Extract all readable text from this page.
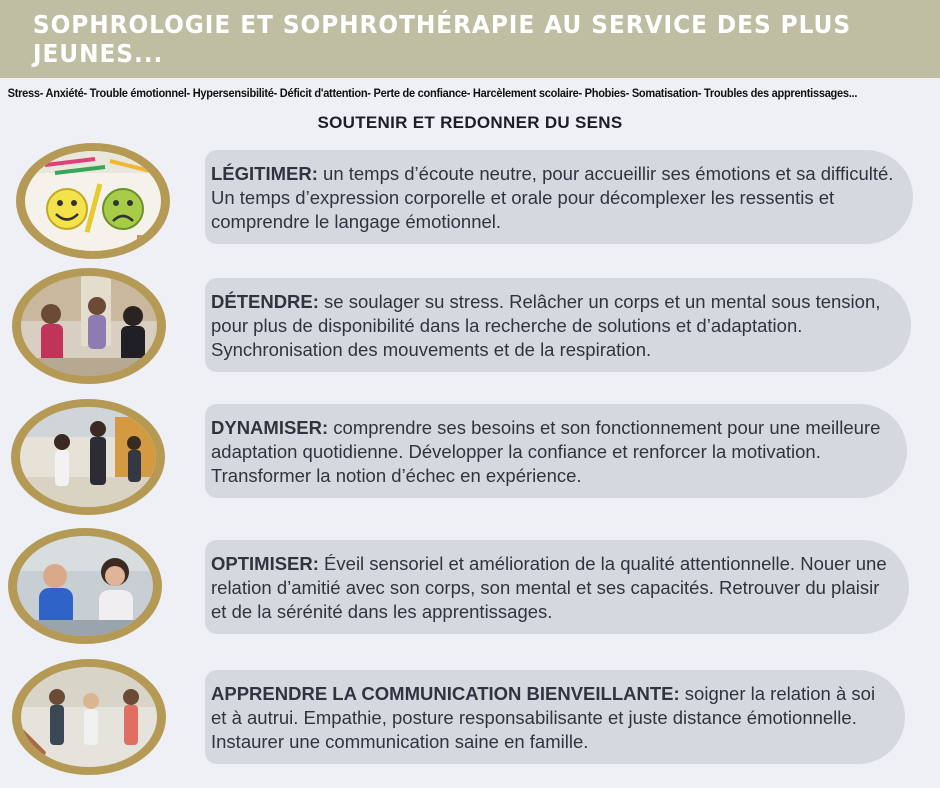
SOPHROLOGIE ET SOPHROTHÉRAPIE AU SERVICE DES PLUS JEUNES...
Stress- Anxiété- Trouble émotionnel- Hypersensibilité- Déficit d'attention- Perte de confiance- Harcèlement scolaire- Phobies- Somatisation- Troubles des apprentissages...
SOUTENIR ET REDONNER DU SENS
LÉGITIMER: un temps d’écoute neutre, pour accueillir ses émotions et sa difficulté. Un temps d’expression corporelle et orale pour décomplexer les ressentis et comprendre le langage émotionnel.
DÉTENDRE: se soulager su stress. Relâcher un corps et un mental sous tension, pour plus de disponibilité dans la recherche de solutions et d’adaptation. Synchronisation des mouvements et de la respiration.
DYNAMISER: comprendre ses besoins et son fonctionnement pour une meilleure adaptation quotidienne. Développer la confiance et renforcer la motivation. Transformer la notion d’échec en expérience.
OPTIMISER: Éveil sensoriel et amélioration de la qualité attentionnelle. Nouer une relation d’amitié avec son corps, son mental et ses capacités. Retrouver du plaisir et de la sérénité dans les apprentissages.
APPRENDRE LA COMMUNICATION BIENVEILLANTE: soigner la relation à soi et à autrui. Empathie, posture responsabilisante et juste distance émotionnelle. Instaurer une communication saine en famille.
